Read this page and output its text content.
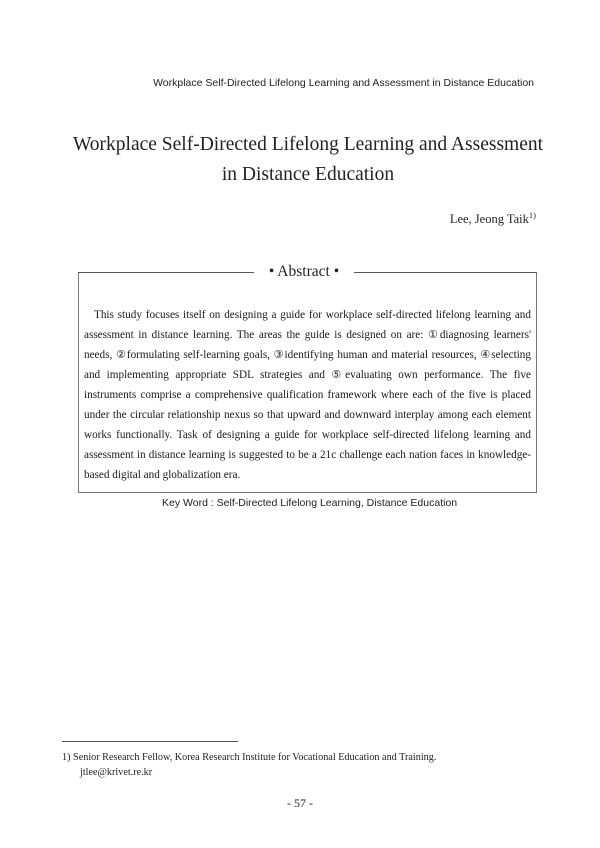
Workplace Self-Directed Lifelong Learning and Assessment in Distance Education
Workplace Self-Directed Lifelong Learning and Assessment
in Distance Education
Lee, Jeong Taik$^{1)}$
• Abstract •
This study focuses itself on designing a guide for workplace self-directed lifelong learning and assessment in distance learning. The areas the guide is designed on are: ①diagnosing learners' needs, ②formulating self-learning goals, ③identifying human and material resources, ④selecting and implementing appropriate SDL strategies and ⑤evaluating own performance. The five instruments comprise a comprehensive qualification framework where each of the five is placed under the circular relationship nexus so that upward and downward interplay among each element works functionally. Task of designing a guide for workplace self-directed lifelong learning and assessment in distance learning is suggested to be a 21c challenge each nation faces in knowledge-based digital and globalization era.
Key Word : Self-Directed Lifelong Learning, Distance Education
1) Senior Research Fellow, Korea Research Institute for Vocational Education and Training.
jtlee@krivet.re.kr
- 57 -
